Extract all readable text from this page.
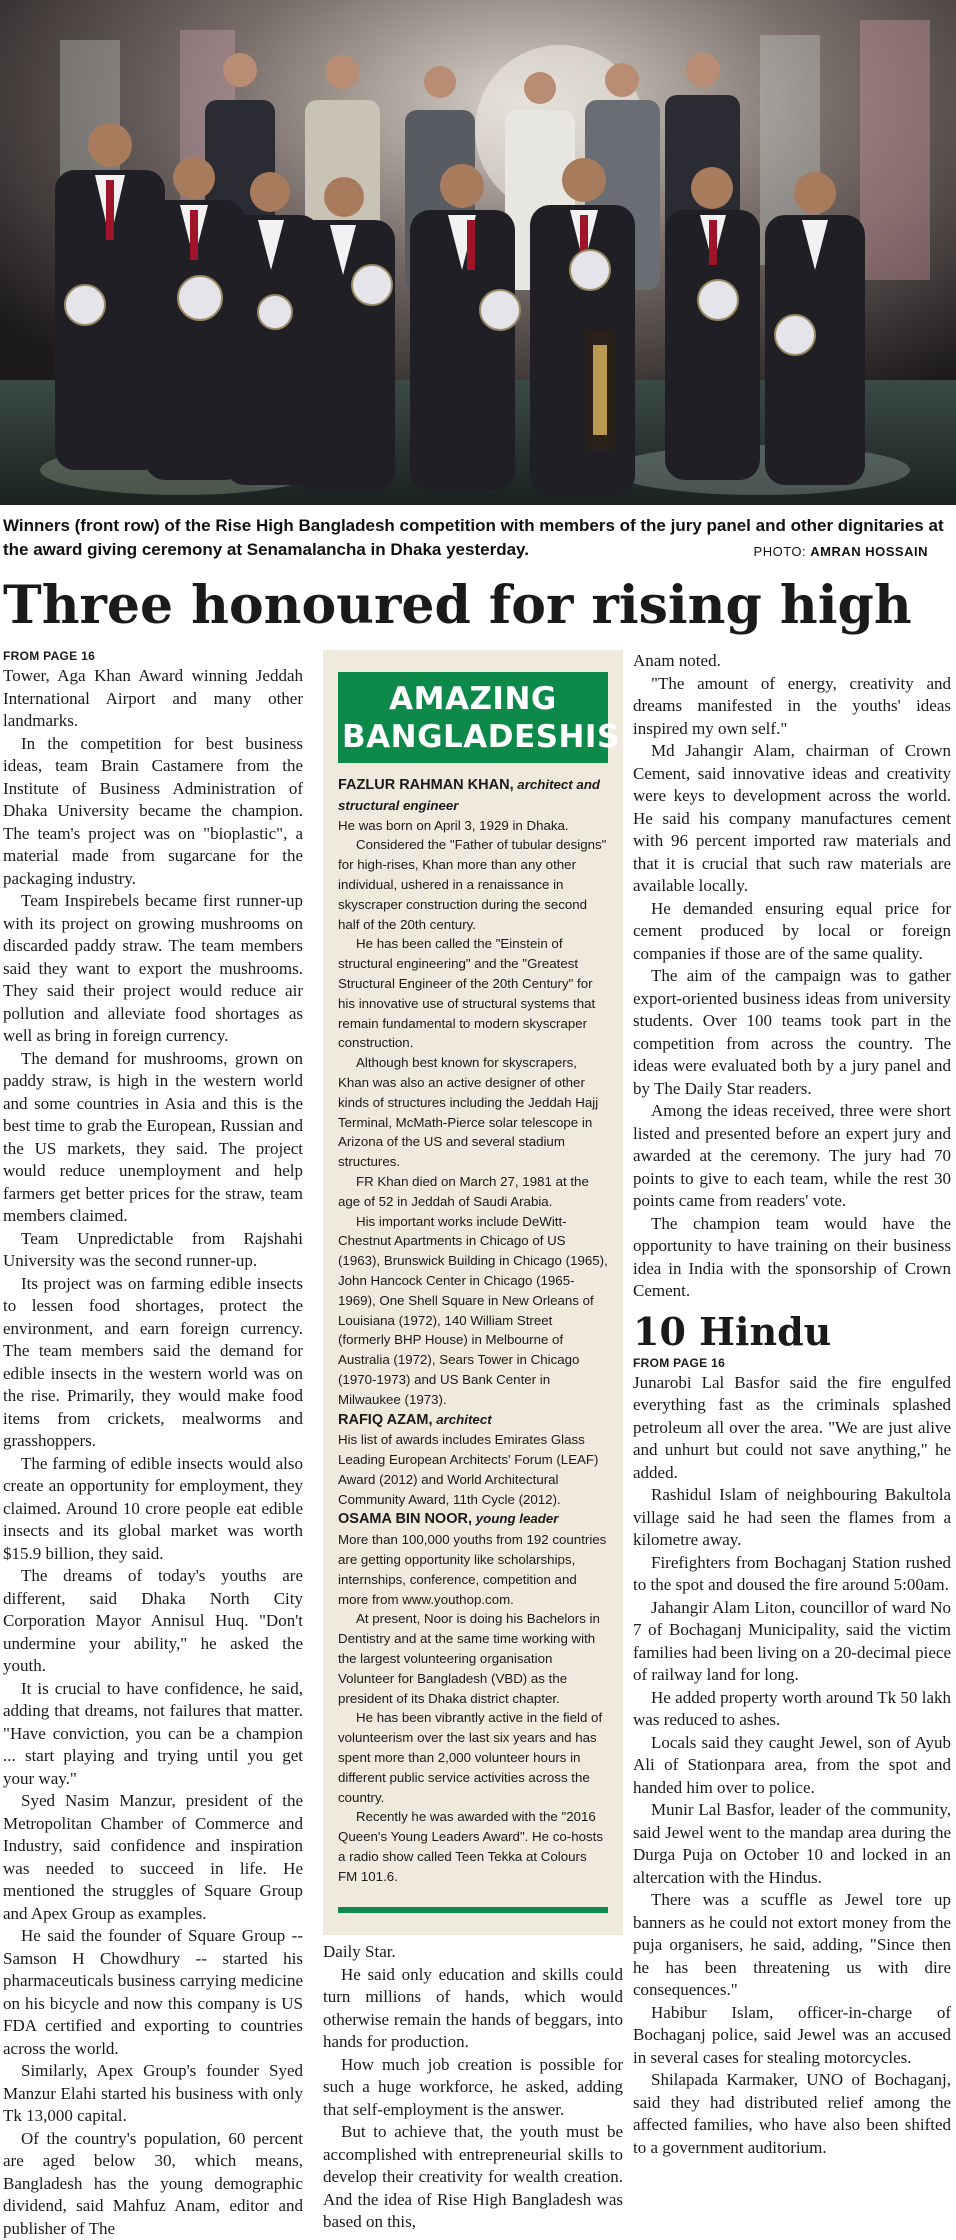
Winners (front row) of the Rise High Bangladesh competition with members of the jury panel and other dignitaries at the award giving ceremony at Senamalancha in Dhaka yesterday.	PHOTO: AMRAN HOSSAIN
Three honoured for rising high
FROM PAGE 16

Tower, Aga Khan Award winning Jeddah International Airport and many other landmarks.

In the competition for best business ideas, team Brain Castamere from the Institute of Business Administration of Dhaka University became the champion. The team's project was on "bioplastic", a material made from sugarcane for the packaging industry.

Team Inspirebels became first runner-up with its project on growing mushrooms on discarded paddy straw. The team members said they want to export the mushrooms. They said their project would reduce air pollution and alleviate food shortages as well as bring in foreign currency.

The demand for mushrooms, grown on paddy straw, is high in the western world and some countries in Asia and this is the best time to grab the European, Russian and the US markets, they said. The project would reduce unemployment and help farmers get better prices for the straw, team members claimed.

Team Unpredictable from Rajshahi University was the second runner-up.

Its project was on farming edible insects to lessen food shortages, protect the environment, and earn foreign currency. The team members said the demand for edible insects in the western world was on the rise. Primarily, they would make food items from crickets, mealworms and grasshoppers.

The farming of edible insects would also create an opportunity for employment, they claimed. Around 10 crore people eat edible insects and its global market was worth $15.9 billion, they said.

The dreams of today's youths are different, said Dhaka North City Corporation Mayor Annisul Huq. "Don't undermine your ability," he asked the youth.

It is crucial to have confidence, he said, adding that dreams, not failures that matter. "Have conviction, you can be a champion ... start playing and trying until you get your way."

Syed Nasim Manzur, president of the Metropolitan Chamber of Commerce and Industry, said confidence and inspiration was needed to succeed in life. He mentioned the struggles of Square Group and Apex Group as examples.

He said the founder of Square Group -- Samson H Chowdhury -- started his pharmaceuticals business carrying medicine on his bicycle and now this company is US FDA certified and exporting to countries across the world.

Similarly, Apex Group's founder Syed Manzur Elahi started his business with only Tk 13,000 capital.

Of the country's population, 60 percent are aged below 30, which means, Bangladesh has the young demographic dividend, said Mahfuz Anam, editor and publisher of The

AMAZING
BANGLADESHIS

FAZLUR RAHMAN KHAN, architect and structural engineer

He was born on April 3, 1929 in Dhaka.

Considered the "Father of tubular designs" for high-rises, Khan more than any other individual, ushered in a renaissance in skyscraper construction during the second half of the 20th century.

He has been called the "Einstein of structural engineering" and the "Greatest Structural Engineer of the 20th Century" for his innovative use of structural systems that remain fundamental to modern skyscraper construction.

Although best known for skyscrapers, Khan was also an active designer of other kinds of structures including the Jeddah Hajj Terminal, McMath-Pierce solar telescope in Arizona of the US and several stadium structures.

FR Khan died on March 27, 1981 at the age of 52 in Jeddah of Saudi Arabia.

His important works include DeWitt-Chestnut Apartments in Chicago of US (1963), Brunswick Building in Chicago (1965), John Hancock Center in Chicago (1965-1969), One Shell Square in New Orleans of Louisiana (1972), 140 William Street (formerly BHP House) in Melbourne of Australia (1972), Sears Tower in Chicago (1970-1973) and US Bank Center in Milwaukee (1973).

RAFIQ AZAM, architect

His list of awards includes Emirates Glass Leading European Architects' Forum (LEAF) Award (2012) and World Architectural Community Award, 11th Cycle (2012).

OSAMA BIN NOOR, young leader

More than 100,000 youths from 192 countries are getting opportunity like scholarships, internships, conference, competition and more from www.youthop.com.

At present, Noor is doing his Bachelors in Dentistry and at the same time working with the largest volunteering organisation Volunteer for Bangladesh (VBD) as the president of its Dhaka district chapter.

He has been vibrantly active in the field of volunteerism over the last six years and has spent more than 2,000 volunteer hours in different public service activities across the country.

Recently he was awarded with the "2016 Queen's Young Leaders Award". He co-hosts a radio show called Teen Tekka at Colours FM 101.6.

Daily Star.

He said only education and skills could turn millions of hands, which would otherwise remain the hands of beggars, into hands for production.

How much job creation is possible for such a huge workforce, he asked, adding that self-employment is the answer.

But to achieve that, the youth must be accomplished with entrepreneurial skills to develop their creativity for wealth creation. And the idea of Rise High Bangladesh was based on this,

Anam noted.

"The amount of energy, creativity and dreams manifested in the youths' ideas inspired my own self."

Md Jahangir Alam, chairman of Crown Cement, said innovative ideas and creativity were keys to development across the world. He said his company manufactures cement with 96 percent imported raw materials and that it is crucial that such raw materials are available locally.

He demanded ensuring equal price for cement produced by local or foreign companies if those are of the same quality.

The aim of the campaign was to gather export-oriented business ideas from university students. Over 100 teams took part in the competition from across the country. The ideas were evaluated both by a jury panel and by The Daily Star readers.

Among the ideas received, three were short listed and presented before an expert jury and awarded at the ceremony. The jury had 70 points to give to each team, while the rest 30 points came from readers' vote.

The champion team would have the opportunity to have training on their business idea in India with the sponsorship of Crown Cement.

10 Hindu
FROM PAGE 16

Junarobi Lal Basfor said the fire engulfed everything fast as the criminals splashed petroleum all over the area. "We are just alive and unhurt but could not save anything," he added.

Rashidul Islam of neighbouring Bakultola village said he had seen the flames from a kilometre away.

Firefighters from Bochaganj Station rushed to the spot and doused the fire around 5:00am.

Jahangir Alam Liton, councillor of ward No 7 of Bochaganj Municipality, said the victim families had been living on a 20-decimal piece of railway land for long.

He added property worth around Tk 50 lakh was reduced to ashes.

Locals said they caught Jewel, son of Ayub Ali of Stationpara area, from the spot and handed him over to police.

Munir Lal Basfor, leader of the community, said Jewel went to the mandap area during the Durga Puja on October 10 and locked in an altercation with the Hindus.

There was a scuffle as Jewel tore up banners as he could not extort money from the puja organisers, he said, adding, "Since then he has been threatening us with dire consequences."

Habibur Islam, officer-in-charge of Bochaganj police, said Jewel was an accused in several cases for stealing motorcycles.

Shilapada Karmaker, UNO of Bochaganj, said they had distributed relief among the affected families, who have also been shifted to a government auditorium.
